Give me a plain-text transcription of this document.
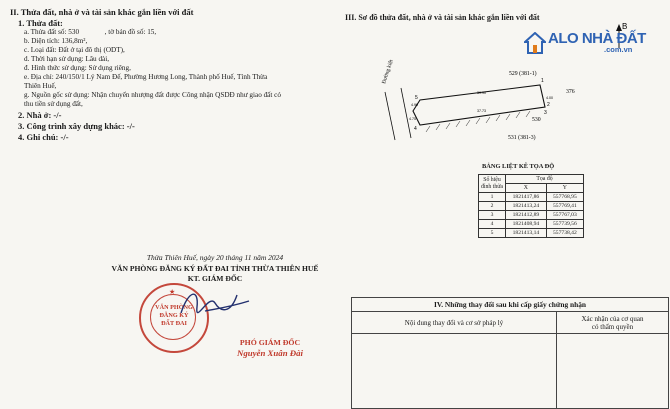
II. Thửa đất, nhà ở và tài sản khác gắn liền với đất
1. Thửa đất:
a. Thửa đất số: 530	, tờ bản đồ số: 15,
b. Diện tích: 136,8m²,
c. Loại đất: Đất ở tại đô thị (ODT),
d. Thời hạn sử dụng: Lâu dài,
đ. Hình thức sử dụng: Sử dụng riêng,
e. Địa chỉ: 240/150/1 Lý Nam Đế, Phường Hương Long, Thành phố Huế, Tỉnh Thừa
Thiên Huế,
g. Nguồn gốc sử dụng: Nhận chuyển nhượng đất được Công nhận QSDĐ như giao đất có
thu tiền sử dụng đất,
2. Nhà ở: -/-
3. Công trình xây dựng khác: -/-
4. Ghi chú: -/-
Thừa Thiên Huế, ngày 20 tháng 11 năm 2024
VĂN PHÒNG ĐĂNG KÝ ĐẤT ĐAI TỈNH THỪA THIÊN HUẾ
KT. GIÁM ĐỐC
VĂN PHÒNG
ĐĂNG KÝ
ĐẤT ĐAI
★
PHÓ GIÁM ĐỐC
Nguyễn Xuân Đài
III. Sơ đồ thửa đất, nhà ở và tài sản khác gắn liền với đất
B
Đường kiệt	529 (381-1)
376
531 (381-3)
530
39.90
37.73
4.00
4.90
4.75
1
2
3
4
5
ALO NHÀ ĐẤT
.com.vn
BẢNG LIỆT KÊ TỌA ĐỘ
Số hiệu đỉnh thửa	Tọa độ	
	X	Y
1	1821417,86	557768,95
2	1821413,24	557769,41
3	1821412,89	557767,03
4	1821408,94	557739,56
5	1821413,14	557738,42
IV. Những thay đổi sau khi cấp giấy chứng nhận	
Nội dung thay đổi và cơ sở pháp lý	Xác nhận của cơ quan
có thẩm quyền
